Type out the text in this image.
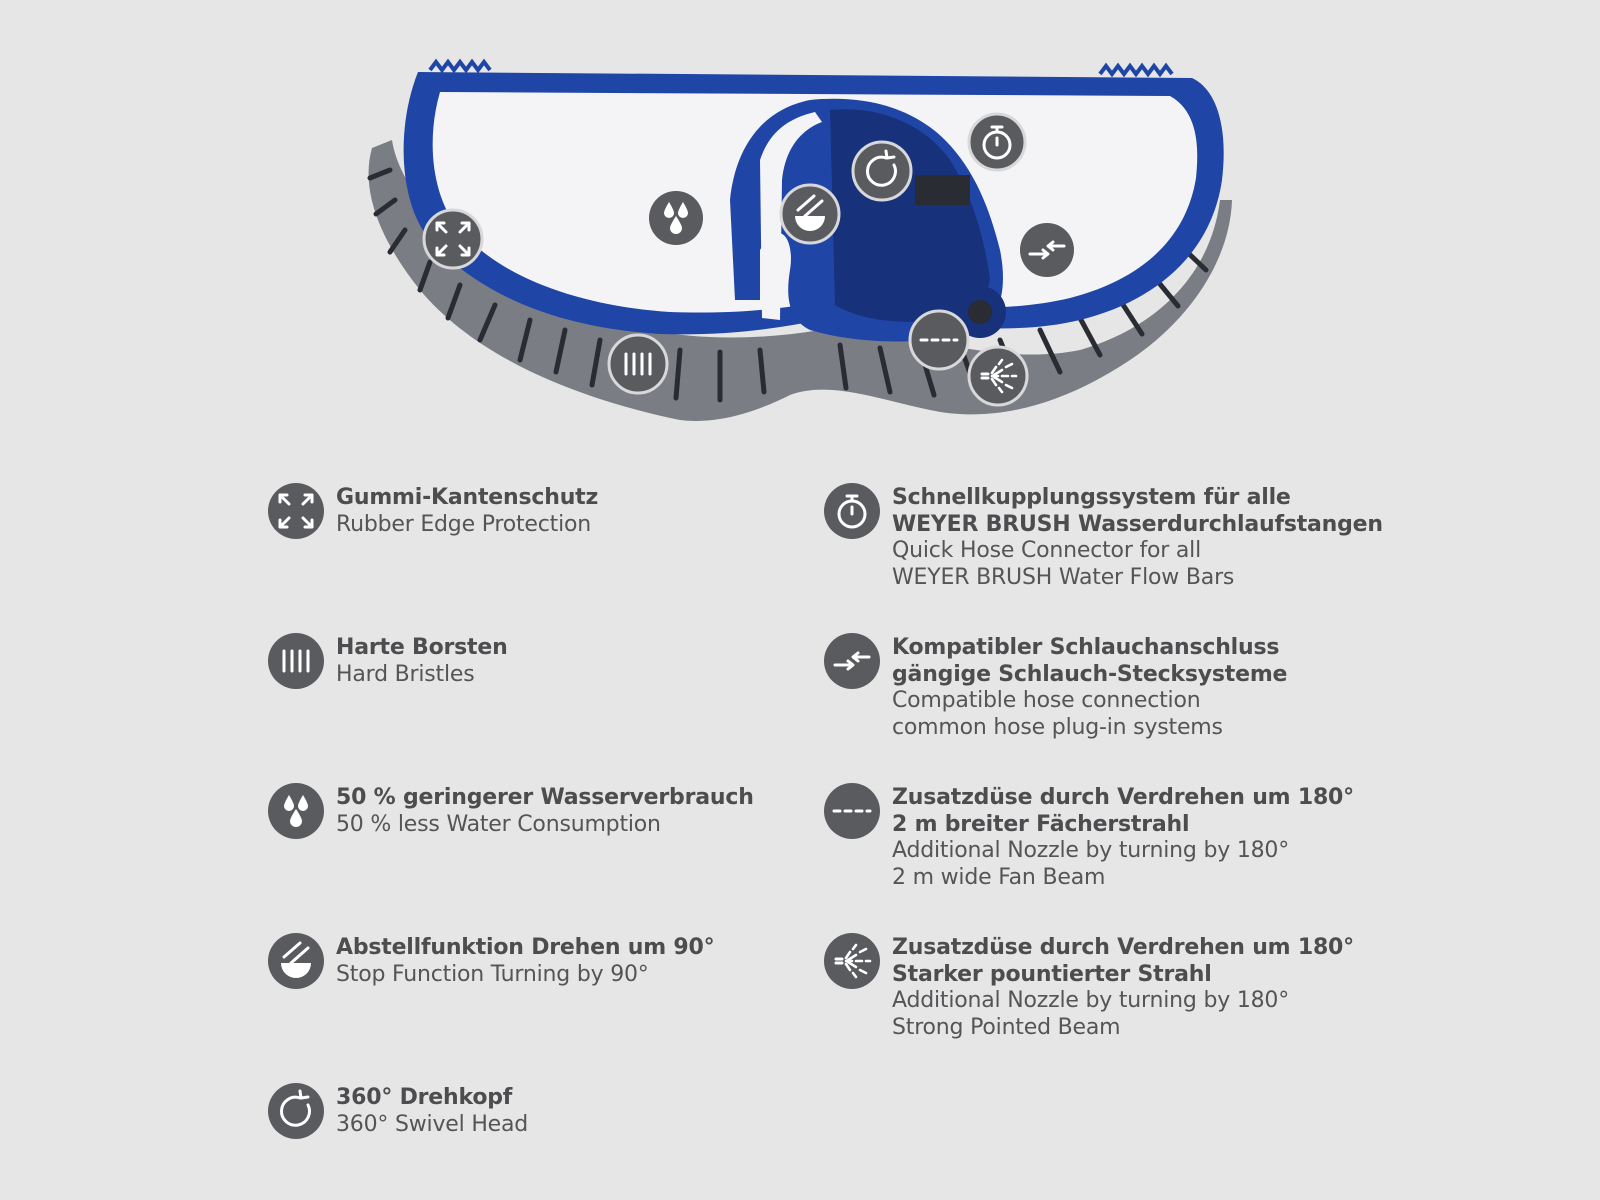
Gummi-Kantenschutz
Rubber Edge Protection
Harte Borsten
Hard Bristles
50 % geringerer Wasserverbrauch
50 % less Water Consumption
Abstellfunktion Drehen um 90°
Stop Function Turning by 90°
360° Drehkopf
360° Swivel Head
Schnellkupplungssystem für alle
WEYER BRUSH Wasserdurchlaufstangen
Quick Hose Connector for all
WEYER BRUSH Water Flow Bars
Kompatibler Schlauchanschluss
gängige Schlauch-Stecksysteme
Compatible hose connection
common hose plug-in systems
Zusatzdüse durch Verdrehen um 180°
2 m breiter Fächerstrahl
Additional Nozzle by turning by 180°
2 m wide Fan Beam
Zusatzdüse durch Verdrehen um 180°
Starker pountierter Strahl
Additional Nozzle by turning by 180°
Strong Pointed Beam
